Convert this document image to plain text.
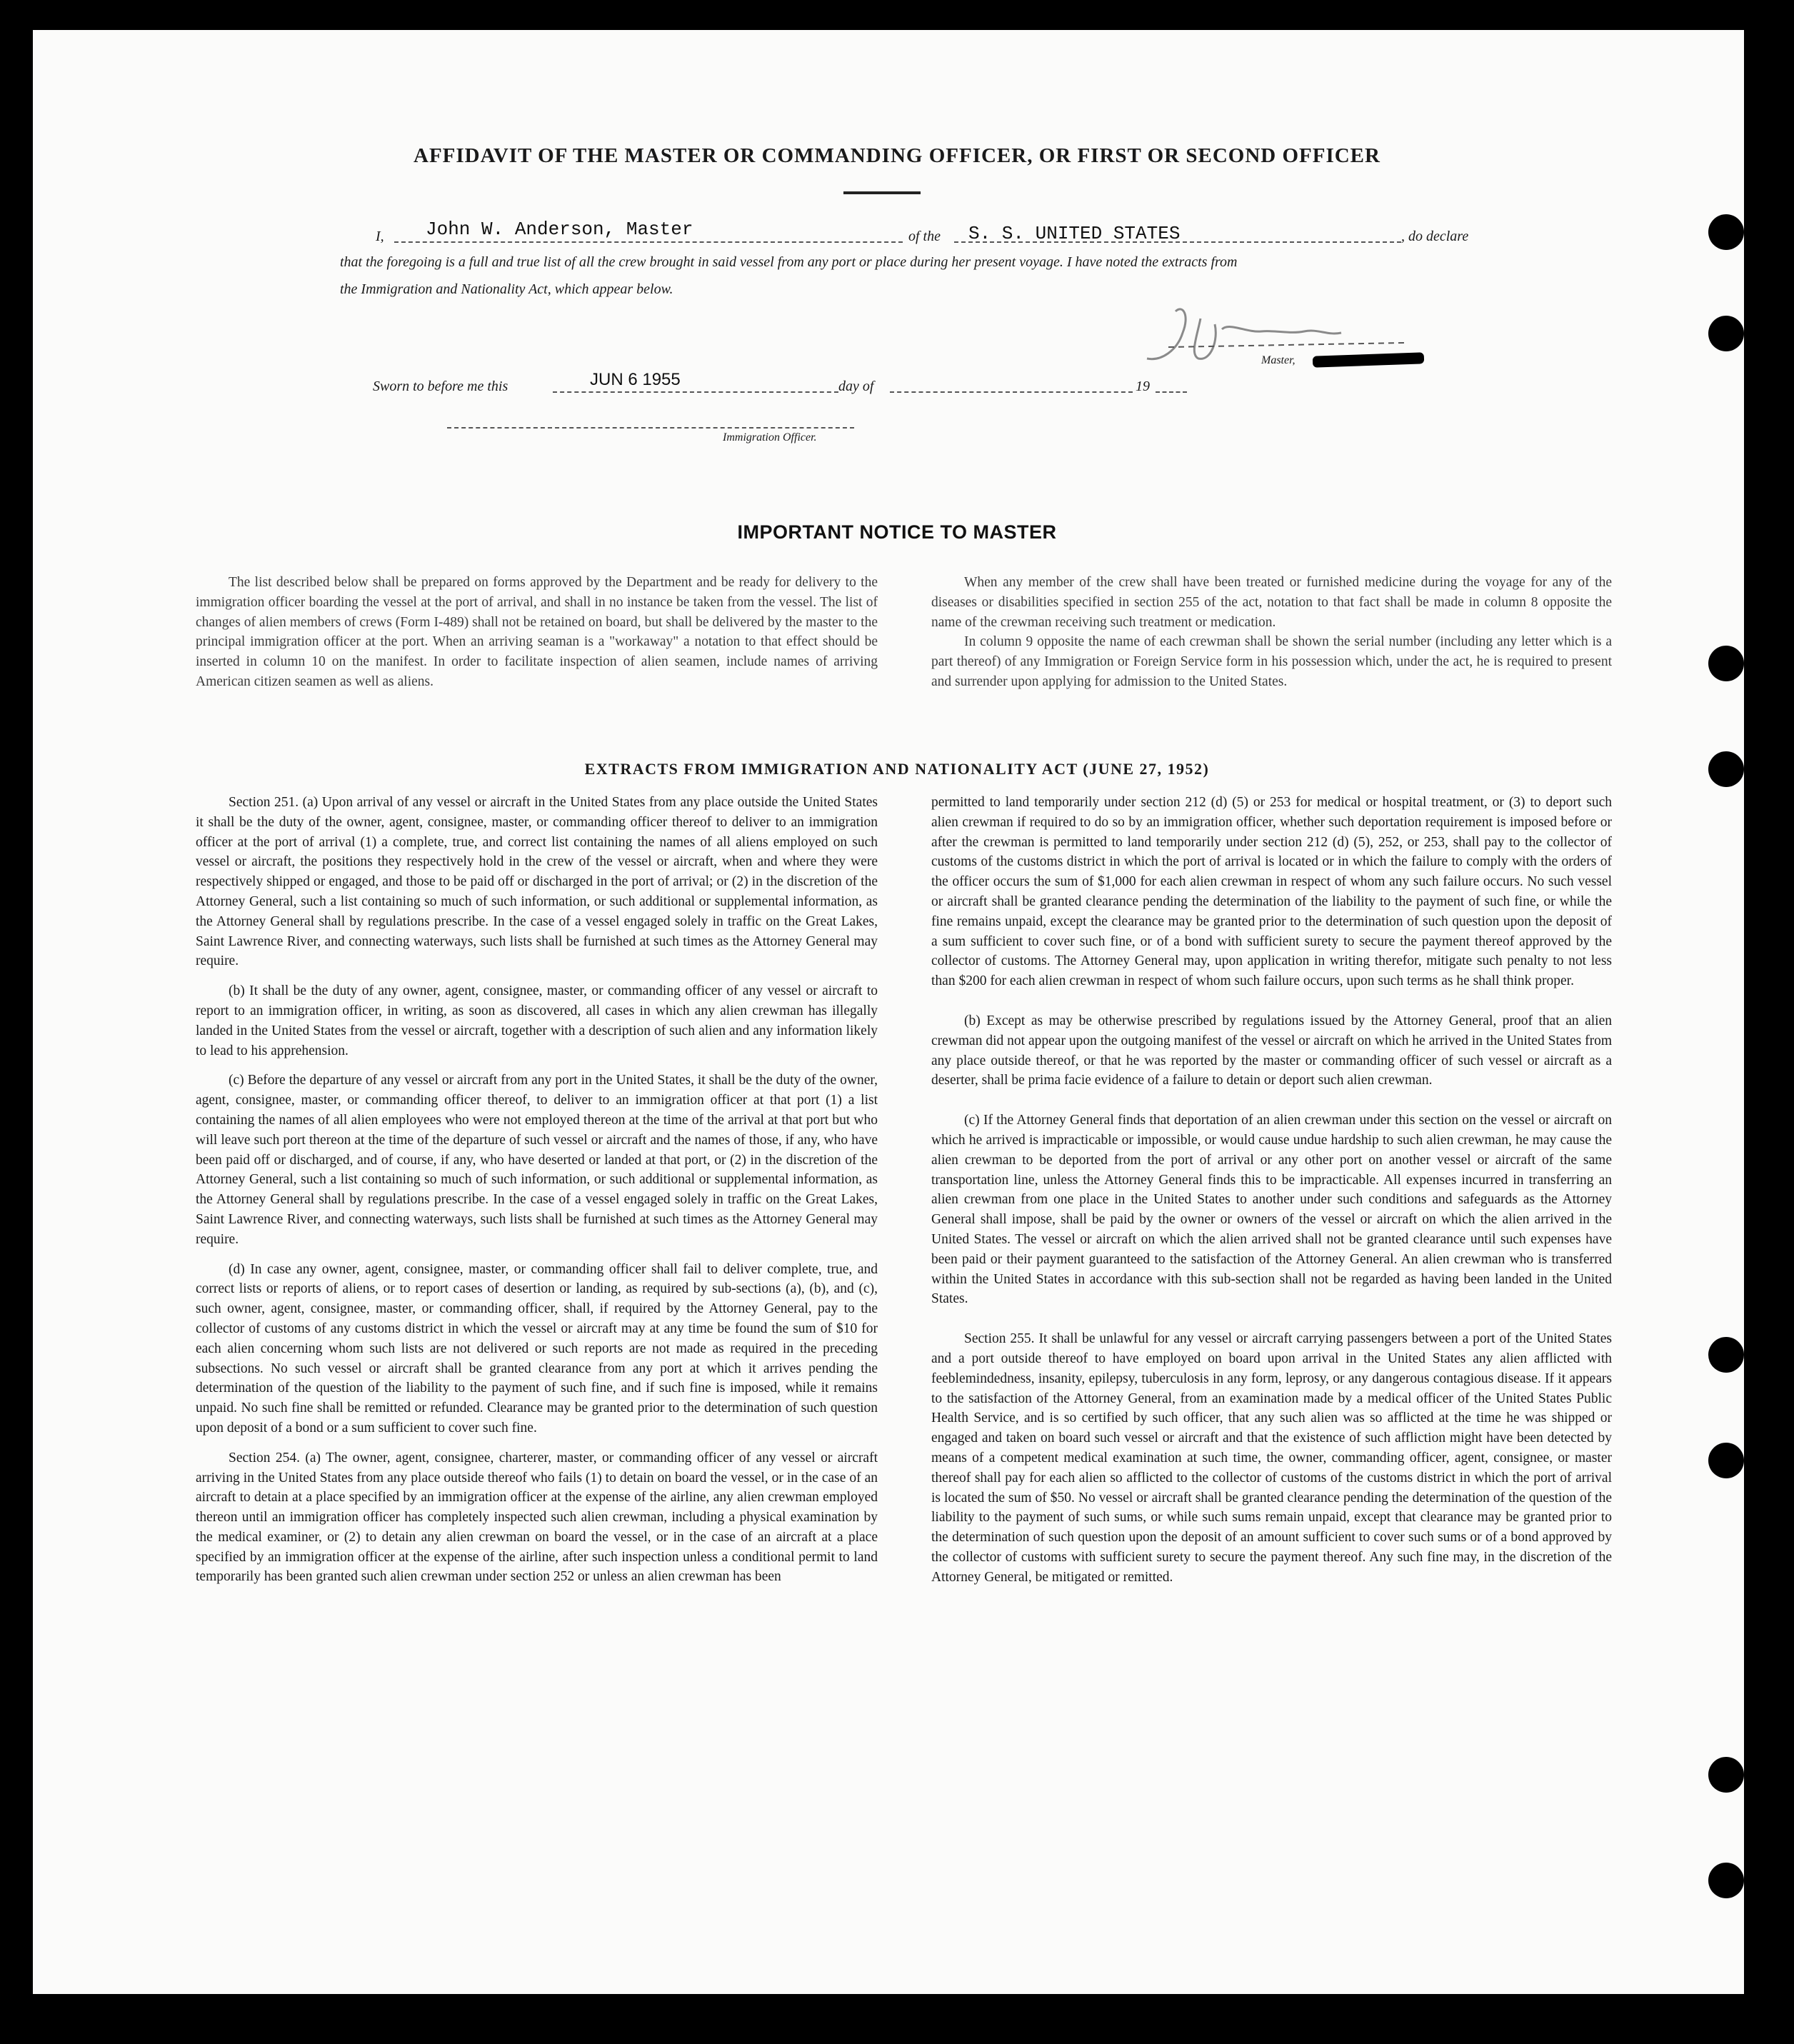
AFFIDAVIT OF THE MASTER OR COMMANDING OFFICER, OR FIRST OR SECOND OFFICER
I, John W. Anderson, Master	of the S. S. UNITED STATES	, do declare
that the foregoing is a full and true list of all the crew brought in said vessel from any port or place during her present voyage. I have noted the extracts from
the Immigration and Nationality Act, which appear below.
Master,
Sworn to before me this	JUN 6 1955	day of	19
Immigration Officer.
IMPORTANT NOTICE TO MASTER

The list described below shall be prepared on forms approved by the Department and be ready for delivery to the immigration officer boarding the vessel at the port of arrival, and shall in no instance be taken from the vessel. The list of changes of alien members of crews (Form I-489) shall not be retained on board, but shall be delivered by the master to the principal immigration officer at the port. When an arriving seaman is a "workaway" a notation to that effect should be inserted in column 10 on the manifest. In order to facilitate inspection of alien seamen, include names of arriving American citizen seamen as well as aliens.

When any member of the crew shall have been treated or furnished medicine during the voyage for any of the diseases or disabilities specified in section 255 of the act, notation to that fact shall be made in column 8 opposite the name of the crewman receiving such treatment or medication.

In column 9 opposite the name of each crewman shall be shown the serial number (including any letter which is a part thereof) of any Immigration or Foreign Service form in his possession which, under the act, he is required to present and surrender upon applying for admission to the United States.

EXTRACTS FROM IMMIGRATION AND NATIONALITY ACT (JUNE 27, 1952)

Section 251. (a) Upon arrival of any vessel or aircraft in the United States from any place outside the United States it shall be the duty of the owner, agent, consignee, master, or commanding officer thereof to deliver to an immigration officer at the port of arrival (1) a complete, true, and correct list containing the names of all aliens employed on such vessel or aircraft, the positions they respectively hold in the crew of the vessel or aircraft, when and where they were respectively shipped or engaged, and those to be paid off or discharged in the port of arrival; or (2) in the discretion of the Attorney General, such a list containing so much of such information, or such additional or supplemental information, as the Attorney General shall by regulations prescribe. In the case of a vessel engaged solely in traffic on the Great Lakes, Saint Lawrence River, and connecting waterways, such lists shall be furnished at such times as the Attorney General may require.

(b) It shall be the duty of any owner, agent, consignee, master, or commanding officer of any vessel or aircraft to report to an immigration officer, in writing, as soon as discovered, all cases in which any alien crewman has illegally landed in the United States from the vessel or aircraft, together with a description of such alien and any information likely to lead to his apprehension.

(c) Before the departure of any vessel or aircraft from any port in the United States, it shall be the duty of the owner, agent, consignee, master, or commanding officer thereof, to deliver to an immigration officer at that port (1) a list containing the names of all alien employees who were not employed thereon at the time of the arrival at that port but who will leave such port thereon at the time of the departure of such vessel or aircraft and the names of those, if any, who have been paid off or discharged, and of course, if any, who have deserted or landed at that port, or (2) in the discretion of the Attorney General, such a list containing so much of such information, or such additional or supplemental information, as the Attorney General shall by regulations prescribe. In the case of a vessel engaged solely in traffic on the Great Lakes, Saint Lawrence River, and connecting waterways, such lists shall be furnished at such times as the Attorney General may require.

(d) In case any owner, agent, consignee, master, or commanding officer shall fail to deliver complete, true, and correct lists or reports of aliens, or to report cases of desertion or landing, as required by sub-sections (a), (b), and (c), such owner, agent, consignee, master, or commanding officer, shall, if required by the Attorney General, pay to the collector of customs of any customs district in which the vessel or aircraft may at any time be found the sum of $10 for each alien concerning whom such lists are not delivered or such reports are not made as required in the preceding subsections. No such vessel or aircraft shall be granted clearance from any port at which it arrives pending the determination of the question of the liability to the payment of such fine, and if such fine is imposed, while it remains unpaid. No such fine shall be remitted or refunded. Clearance may be granted prior to the determination of such question upon deposit of a bond or a sum sufficient to cover such fine.

Section 254. (a) The owner, agent, consignee, charterer, master, or commanding officer of any vessel or aircraft arriving in the United States from any place outside thereof who fails (1) to detain on board the vessel, or in the case of an aircraft to detain at a place specified by an immigration officer at the expense of the airline, any alien crewman employed thereon until an immigration officer has completely inspected such alien crewman, including a physical examination by the medical examiner, or (2) to detain any alien crewman on board the vessel, or in the case of an aircraft at a place specified by an immigration officer at the expense of the airline, after such inspection unless a conditional permit to land temporarily has been granted such alien crewman under section 252 or unless an alien crewman has been

permitted to land temporarily under section 212 (d) (5) or 253 for medical or hospital treatment, or (3) to deport such alien crewman if required to do so by an immigration officer, whether such deportation requirement is imposed before or after the crewman is permitted to land temporarily under section 212 (d) (5), 252, or 253, shall pay to the collector of customs of the customs district in which the port of arrival is located or in which the failure to comply with the orders of the officer occurs the sum of $1,000 for each alien crewman in respect of whom any such failure occurs. No such vessel or aircraft shall be granted clearance pending the determination of the liability to the payment of such fine, or while the fine remains unpaid, except the clearance may be granted prior to the determination of such question upon the deposit of a sum sufficient to cover such fine, or of a bond with sufficient surety to secure the payment thereof approved by the collector of customs. The Attorney General may, upon application in writing therefor, mitigate such penalty to not less than $200 for each alien crewman in respect of whom such failure occurs, upon such terms as he shall think proper.

(b) Except as may be otherwise prescribed by regulations issued by the Attorney General, proof that an alien crewman did not appear upon the outgoing manifest of the vessel or aircraft on which he arrived in the United States from any place outside thereof, or that he was reported by the master or commanding officer of such vessel or aircraft as a deserter, shall be prima facie evidence of a failure to detain or deport such alien crewman.

(c) If the Attorney General finds that deportation of an alien crewman under this section on the vessel or aircraft on which he arrived is impracticable or impossible, or would cause undue hardship to such alien crewman, he may cause the alien crewman to be deported from the port of arrival or any other port on another vessel or aircraft of the same transportation line, unless the Attorney General finds this to be impracticable. All expenses incurred in transferring an alien crewman from one place in the United States to another under such conditions and safeguards as the Attorney General shall impose, shall be paid by the owner or owners of the vessel or aircraft on which the alien arrived in the United States. The vessel or aircraft on which the alien arrived shall not be granted clearance until such expenses have been paid or their payment guaranteed to the satisfaction of the Attorney General. An alien crewman who is transferred within the United States in accordance with this sub-section shall not be regarded as having been landed in the United States.

Section 255. It shall be unlawful for any vessel or aircraft carrying passengers between a port of the United States and a port outside thereof to have employed on board upon arrival in the United States any alien afflicted with feeblemindedness, insanity, epilepsy, tuberculosis in any form, leprosy, or any dangerous contagious disease. If it appears to the satisfaction of the Attorney General, from an examination made by a medical officer of the United States Public Health Service, and is so certified by such officer, that any such alien was so afflicted at the time he was shipped or engaged and taken on board such vessel or aircraft and that the existence of such affliction might have been detected by means of a competent medical examination at such time, the owner, commanding officer, agent, consignee, or master thereof shall pay for each alien so afflicted to the collector of customs of the customs district in which the port of arrival is located the sum of $50. No vessel or aircraft shall be granted clearance pending the determination of the question of the liability to the payment of such sums, or while such sums remain unpaid, except that clearance may be granted prior to the determination of such question upon the deposit of an amount sufficient to cover such sums or of a bond approved by the collector of customs with sufficient surety to secure the payment thereof. Any such fine may, in the discretion of the Attorney General, be mitigated or remitted.
